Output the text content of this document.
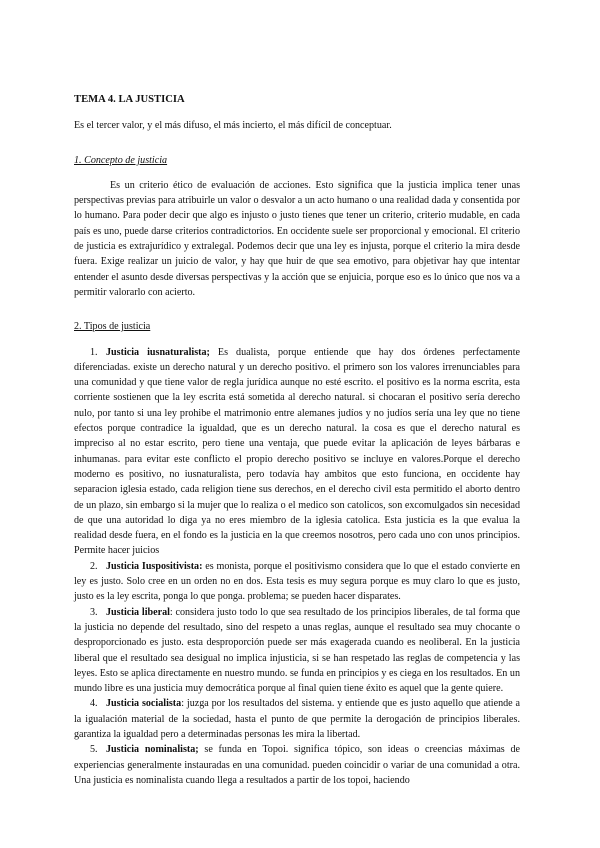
TEMA 4. LA JUSTICIA
Es el tercer valor, y el más difuso, el más incierto, el más difícil de conceptuar.
1. Concepto de justicia
Es un criterio ético de evaluación de acciones. Esto significa que la justicia implica tener unas perspectivas previas para atribuirle un valor o desvalor a un acto humano o una realidad dada y consentida por lo humano. Para poder decir que algo es injusto o justo tienes que tener un criterio, criterio mudable, en cada país es uno, puede darse criterios contradictorios. En occidente suele ser proporcional y emocional. El criterio de justicia es extrajurídico y extralegal. Podemos decir que una ley es injusta, porque el criterio la mira desde fuera. Exige realizar un juicio de valor, y hay que huir de que sea emotivo, para objetivar hay que intentar entender el asunto desde diversas perspectivas y la acción que se enjuicia, porque eso es lo único que nos va a permitir valorarlo con acierto.
2. Tipos de justicia
1. Justicia iusnaturalista; Es dualista, porque entiende que hay dos órdenes perfectamente diferenciadas. existe un derecho natural y un derecho positivo. el primero son los valores irrenunciables para una comunidad y que tiene valor de regla jurídica aunque no esté escrito. el positivo es la norma escrita, esta corriente sostienen que la ley escrita está sometida al derecho natural. si chocaran el positivo sería derecho nulo, por tanto si una ley prohibe el matrimonio entre alemanes judíos y no judíos sería una ley que no tiene efectos porque contradice la igualdad, que es un derecho natural. la cosa es que el derecho natural es impreciso al no estar escrito, pero tiene una ventaja, que puede evitar la aplicación de leyes bárbaras e inhumanas. para evitar este conflicto el propio derecho positivo se incluye en valores.Porque el derecho moderno es positivo, no iusnaturalista, pero todavía hay ambitos que esto funciona, en occidente hay separacion iglesia estado, cada religion tiene sus derechos, en el derecho civil esta permitido el aborto dentro de un plazo, sin embargo si la mujer que lo realiza o el medico son catolicos, son excomulgados sin necesidad de que una autoridad lo diga ya no eres miembro de la iglesia catolica. Esta justicia es la que evalua la realidad desde fuera, en el fondo es la justicia en la que creemos nosotros, pero cada uno con unos principios. Permite hacer juicios
2. Justicia Iuspositivista: es monista, porque el positivismo considera que lo que el estado convierte en ley es justo. Solo cree en un orden no en dos. Esta tesis es muy segura porque es muy claro lo que es justo, justo es la ley escrita, ponga lo que ponga. problema; se pueden hacer disparates.
3. Justicia liberal: considera justo todo lo que sea resultado de los principios liberales, de tal forma que la justicia no depende del resultado, sino del respeto a unas reglas, aunque el resultado sea muy chocante o desproporcionado es justo. esta desproporción puede ser más exagerada cuando es neoliberal. En la justicia liberal que el resultado sea desigual no implica injusticia, si se han respetado las reglas de competencia y las leyes. Esto se aplica directamente en nuestro mundo. se funda en principios y es ciega en los resultados. En un mundo libre es una justicia muy democrática porque al final quien tiene éxito es aquel que la gente quiere.
4. Justicia socialista: juzga por los resultados del sistema. y entiende que es justo aquello que atiende a la igualación material de la sociedad, hasta el punto de que permite la derogación de principios liberales. garantiza la igualdad pero a determinadas personas les mira la libertad.
5. Justicia nominalista; se funda en Topoi. significa tópico, son ideas o creencias máximas de experiencias generalmente instauradas en una comunidad. pueden coincidir o variar de una comunidad a otra. Una justicia es nominalista cuando llega a resultados a partir de los topoi, haciendo
